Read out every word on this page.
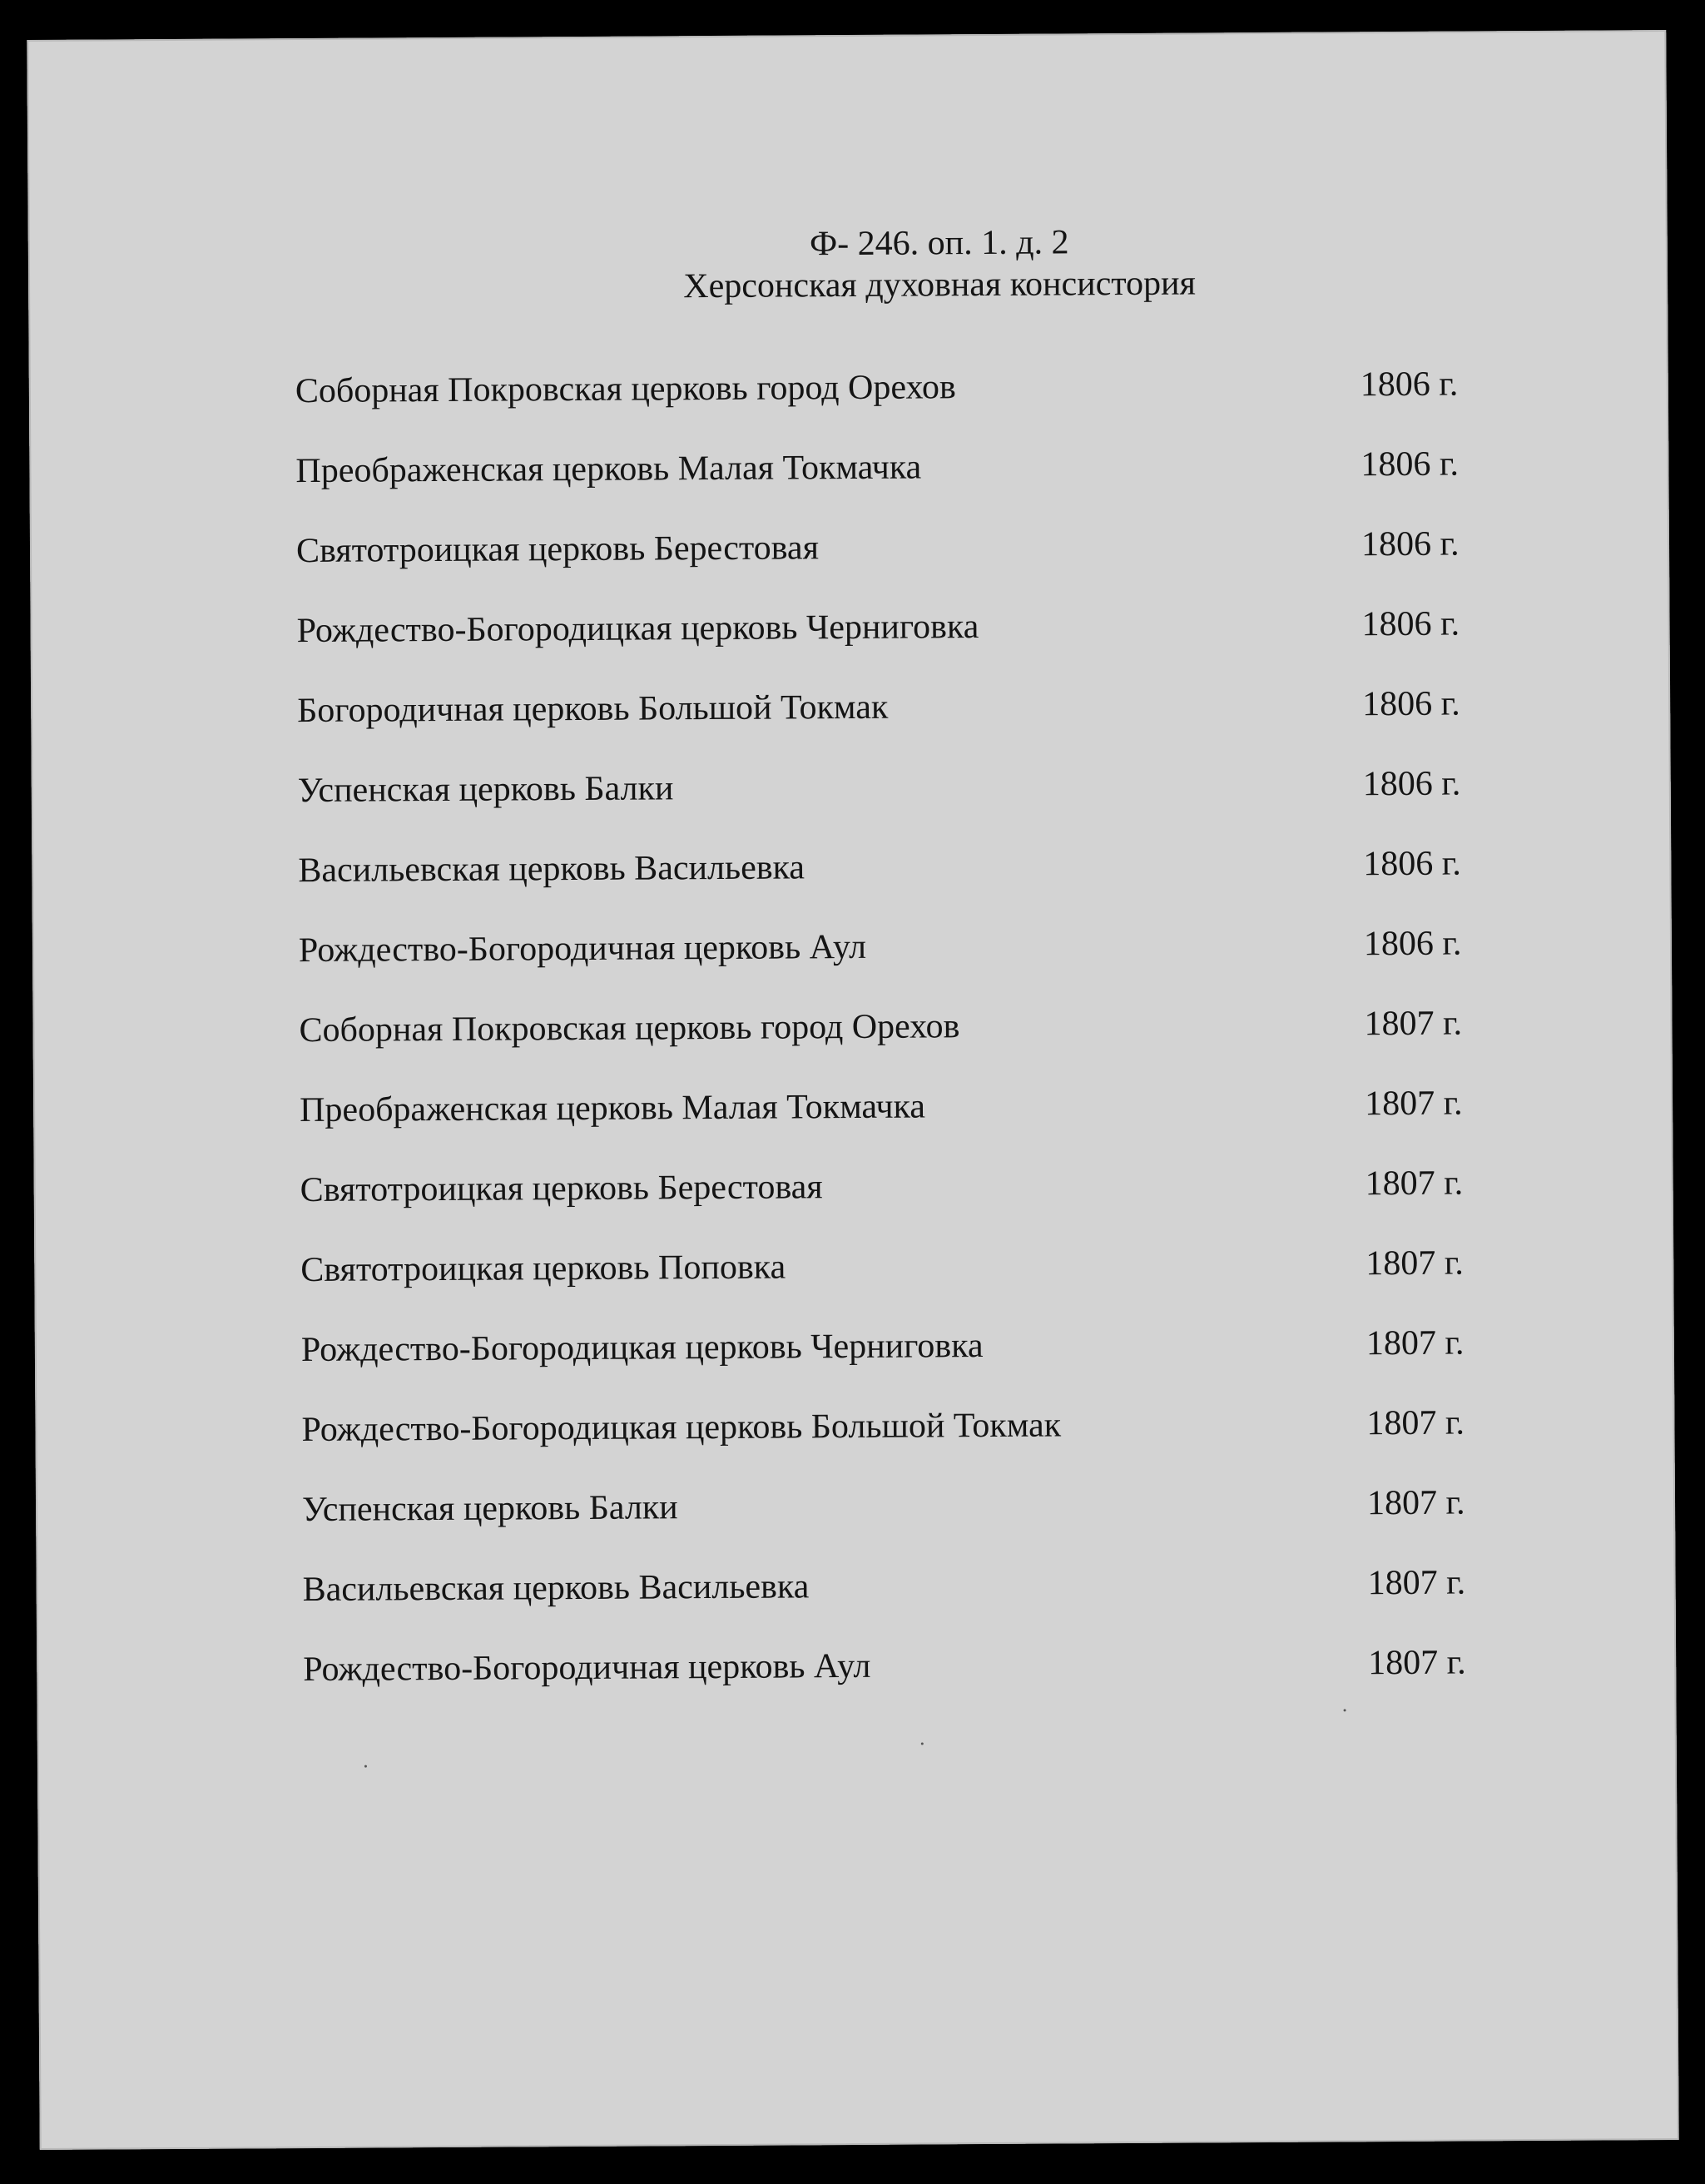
Ф- 246. оп. 1. д. 2
Херсонская духовная консистория
Соборная Покровская церковь город Орехов	1806 г.
Преображенская церковь Малая Токмачка	1806 г.
Святотроицкая церковь Берестовая	1806 г.
Рождество-Богородицкая церковь Черниговка	1806 г.
Богородичная церковь Большой Токмак	1806 г.
Успенская церковь Балки	1806 г.
Васильевская церковь Васильевка	1806 г.
Рождество-Богородичная церковь Аул	1806 г.
Соборная Покровская церковь город Орехов	1807 г.
Преображенская церковь Малая Токмачка	1807 г.
Святотроицкая церковь Берестовая	1807 г.
Святотроицкая церковь Поповка	1807 г.
Рождество-Богородицкая церковь Черниговка	1807 г.
Рождество-Богородицкая церковь Большой Токмак	1807 г.
Успенская церковь Балки	1807 г.
Васильевская церковь Васильевка	1807 г.
Рождество-Богородичная церковь Аул	1807 г.
